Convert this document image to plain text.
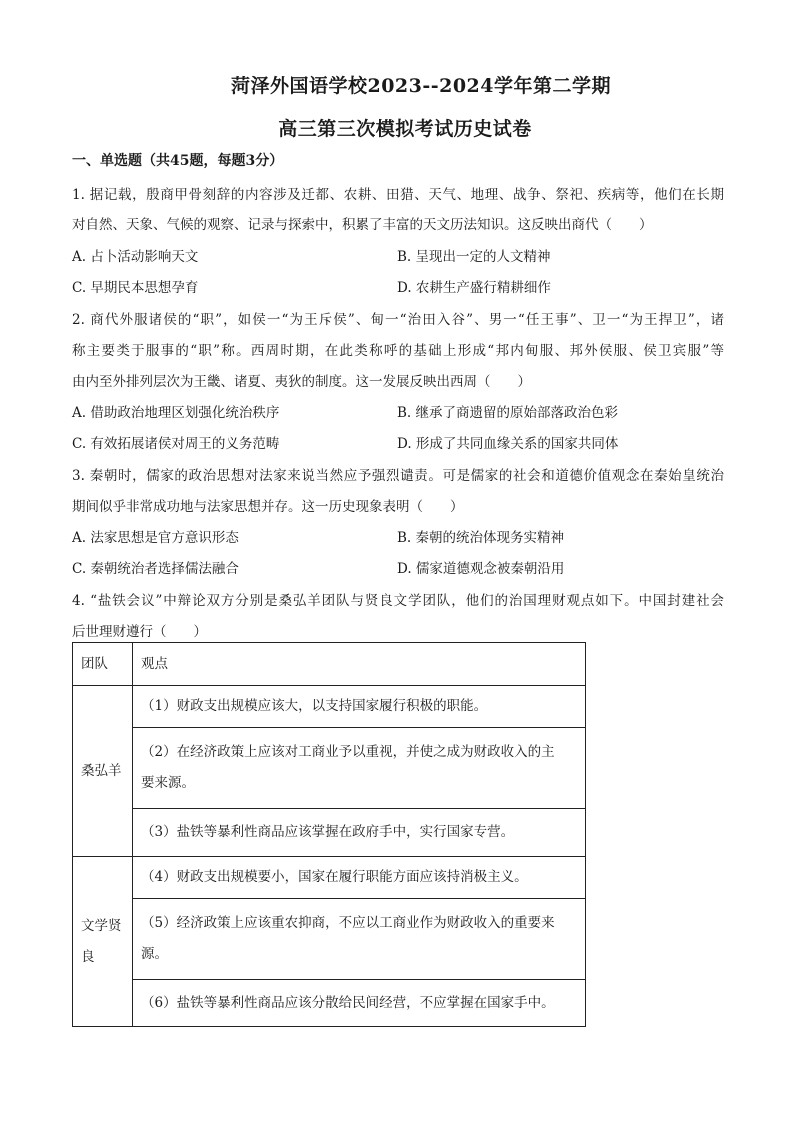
菏泽外国语学校2023--2024学年第二学期
高三第三次模拟考试历史试卷
一、单选题（共45题，每题3分）
1. 据记载，殷商甲骨刻辞的内容涉及迁都、农耕、田猎、天气、地理、战争、祭祀、疾病等，他们在长期
对自然、天象、气候的观察、记录与探索中，积累了丰富的天文历法知识。这反映出商代（　　）
A. 占卜活动影响天文	B. 呈现出一定的人文精神
C. 早期民本思想孕育	D. 农耕生产盛行精耕细作
2. 商代外服诸侯的“职”，如侯一“为王斥侯”、甸一“治田入谷”、男一“任王事”、卫一“为王捍卫”，诸
称主要类于服事的“职”称。西周时期，在此类称呼的基础上形成“邦内甸服、邦外侯服、侯卫宾服”等
由内至外排列层次为王畿、诸夏、夷狄的制度。这一发展反映出西周（　　）
A. 借助政治地理区划强化统治秩序	B. 继承了商遗留的原始部落政治色彩
C. 有效拓展诸侯对周王的义务范畴	D. 形成了共同血缘关系的国家共同体
3. 秦朝时，儒家的政治思想对法家来说当然应予强烈谴责。可是儒家的社会和道德价值观念在秦始皇统治
期间似乎非常成功地与法家思想并存。这一历史现象表明（　　）
A. 法家思想是官方意识形态	B. 秦朝的统治体现务实精神
C. 秦朝统治者选择儒法融合	D. 儒家道德观念被秦朝沿用
4. “盐铁会议”中辩论双方分别是桑弘羊团队与贤良文学团队，他们的治国理财观点如下。中国封建社会
后世理财遵行（　　）
团队	观点
桑弘羊	（1）财政支出规模应该大，以支持国家履行积极的职能。
	（2）在经济政策上应该对工商业予以重视，并使之成为财政收入的主
要来源。
	（3）盐铁等暴利性商品应该掌握在政府手中，实行国家专营。
文学贤
良	（4）财政支出规模要小，国家在履行职能方面应该持消极主义。
	（5）经济政策上应该重农抑商，不应以工商业作为财政收入的重要来
源。
	（6）盐铁等暴利性商品应该分散给民间经营，不应掌握在国家手中。
